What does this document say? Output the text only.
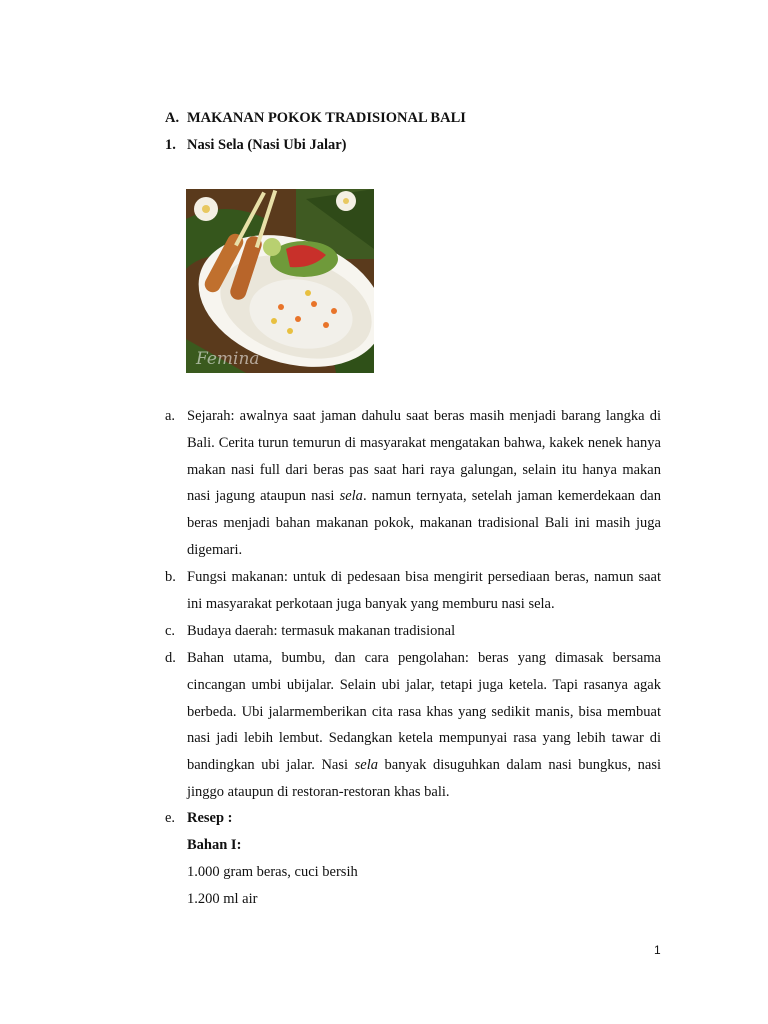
A. MAKANAN POKOK TRADISIONAL BALI
1. Nasi Sela (Nasi Ubi Jalar)
Femina
a. Sejarah: awalnya saat jaman dahulu saat beras masih menjadi barang langka di Bali. Cerita turun temurun di masyarakat mengatakan bahwa, kakek nenek hanya makan nasi full dari beras pas saat hari raya galungan, selain itu hanya makan nasi jagung ataupun nasi sela. namun ternyata, setelah jaman kemerdekaan dan beras menjadi bahan makanan pokok, makanan tradisional Bali ini masih juga digemari.
b. Fungsi makanan: untuk di pedesaan bisa mengirit persediaan beras, namun saat ini masyarakat perkotaan juga banyak yang memburu nasi sela.
c. Budaya daerah: termasuk makanan tradisional
d. Bahan utama, bumbu, dan cara pengolahan: beras yang dimasak bersama cincangan umbi ubijalar. Selain ubi jalar, tetapi juga ketela. Tapi rasanya agak berbeda. Ubi jalarmemberikan cita rasa khas yang sedikit manis, bisa membuat nasi jadi lebih lembut. Sedangkan ketela mempunyai rasa yang lebih tawar di bandingkan ubi jalar. Nasi sela banyak disuguhkan dalam nasi bungkus, nasi jinggo ataupun di restoran-restoran khas bali.
e. Resep :
Bahan I:
1.000 gram beras, cuci bersih
1.200 ml air
1
